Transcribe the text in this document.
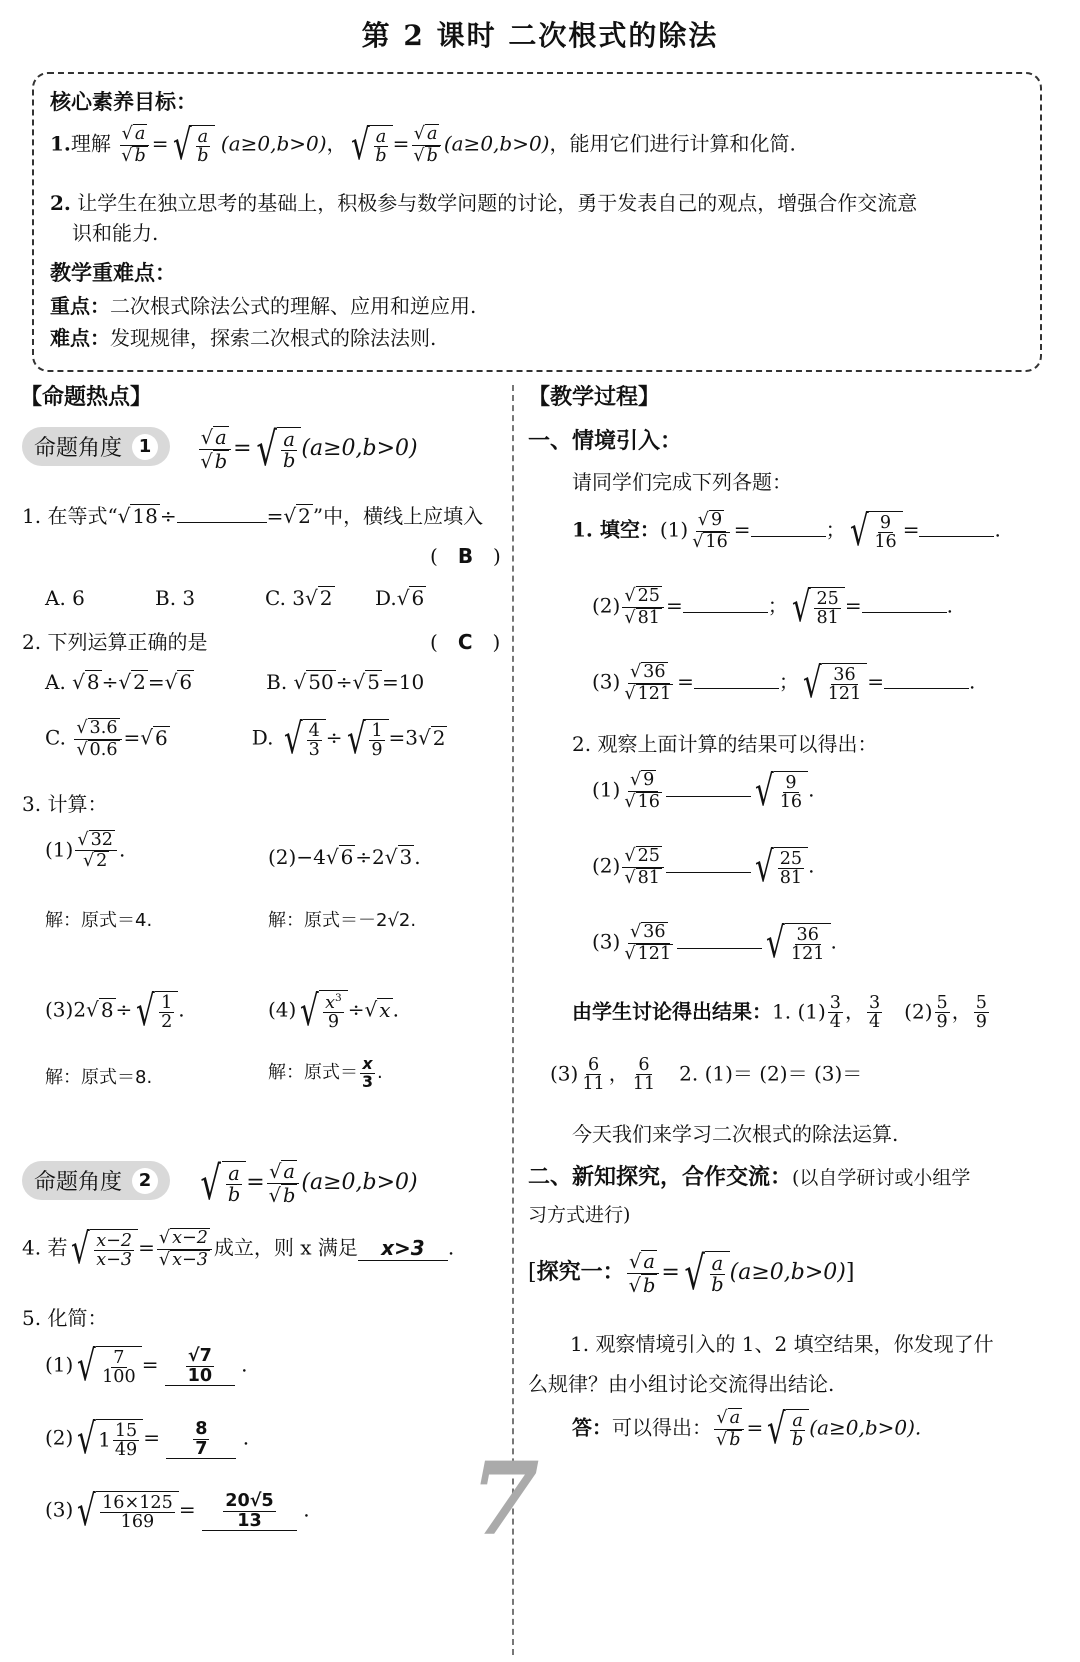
第 2 课时 二次根式的除法
核心素养目标：
1.理解 $\frac{√ a}{√ b}$ = √ $\frac{a}{b} (a\ge 0,b>0)$， √ $\frac{a}{b} = \frac{√ a}{√ b} (a\ge 0,b>0)$，能用它们进行计算和化简.
2. 让学生在独立思考的基础上，积极参与数学问题的讨论，勇于发表自己的观点，增强合作交流意
识和能力.
教学重难点：
重点：二次根式除法公式的理解、应用和逆应用.
难点：发现规律，探索二次根式的除法法则.
【命题热点】
命题角度 1
	$\frac{√ a}{√ b}$ = √ $\frac{a}{b} (a\ge 0,b>0)$
1. 在等式“√ 18 ÷	=√ 2 ”中，横线上应填入
(　B　)
A. 6	B. 3	C. 3√ 2 D.√ 6
2. 下列运算正确的是	(　C　)
A. √ 8 ÷√ 2 =√ 6	B. √ 50 ÷√ 5 =10
C. $\frac{√ 3.6}{√ 0.6}$ =√ 6	D. √ $\frac{4}{3}$ ÷ √ $\frac{1}{9} =3√$ 2
3. 计算：
$(1) \frac{√ 32}{√ 2}$ .	(2)−4√ 6 ÷2√ 3 .
解：原式＝4.	解：原式＝－2√2.
(3)2√ 8 ÷ √ $\frac{1}{2}$ .	(4) √ $\frac{x^3}{9}$ ÷√ x .
解：原式＝8.	解：原式＝ $\frac{x}{3}$ .
命题角度 2
√ $\frac{a}{b} = \frac{√ a}{√ b} (a\ge 0,b>0)$
4. 若 √ $\frac{x-2}{x-3} = \frac{√ x-2}{√ x-3}$ 成立，则 x 满足 x>3 .
5. 化简：
(1) √ $\frac{7}{100} = \frac{√7}{10}$ .
(2) √ $1 \frac{15}{49} = \frac{8}{7}$ .
(3) √ $\frac{16\times 125}{169} = \frac{20√5}{13}$ . 7
【教学过程】
一、情境引入：
请同学们完成下列各题：
1. 填空：$(1) \frac{√ 9}{√ 16}$ =	； √ $\frac{9}{16}$ =	.
$(2) \frac{√ 25}{√ 81}$ =	； √ $\frac{25}{81}$ =	.
$(3) \frac{√ 36}{√ 121}$ =	； √ $\frac{36}{121}$ =	.
2. 观察上面计算的结果可以得出：
$(1) \frac{√ 9}{√ 16}$ √ $\frac{9}{16}$ .
$(2) \frac{√ 25}{√ 81}$ √ $\frac{25}{81}$ .
$(3) \frac{√ 36}{√ 121}$ √ $\frac{36}{121}$ .
由学生讨论得出结果：1. $(1) \frac{3}{4}$ ， $\frac{3}{4}$ 　$(2) \frac{5}{9}$ ， $\frac{5}{9}$
$(3) \frac{6}{11}$ ， $\frac{6}{11}$
　 2. (1)＝ (2)＝ (3)＝
今天我们来学习二次根式的除法运算.
二、新知探究，合作交流：(以自学研讨或小组学
习方式进行)
[探究一： $\frac{√ a}{√ b}$ = √ $\frac{a}{b} (a\ge 0,b>0)$]
1. 观察情境引入的 1、2 填空结果，你发现了什
么规律？由小组讨论交流得出结论.
答：可以得出： $\frac{√ a}{√ b}$ = √ $\frac{a}{b} (a\ge 0,b>0)$.
